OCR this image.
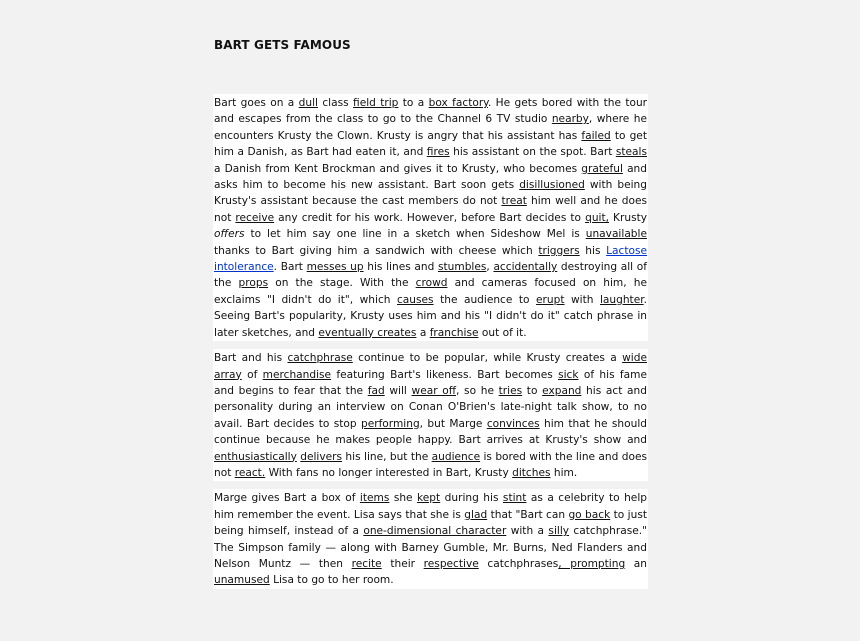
BART GETS FAMOUS

Bart goes on a dull class field trip to a box factory. He gets bored with the tour and escapes from the class to go to the Channel 6 TV studio nearby, where he encounters Krusty the Clown. Krusty is angry that his assistant has failed to get him a Danish, as Bart had eaten it, and fires his assistant on the spot. Bart steals a Danish from Kent Brockman and gives it to Krusty, who becomes grateful and asks him to become his new assistant. Bart soon gets disillusioned with being Krusty's assistant because the cast members do not treat him well and he does not receive any credit for his work. However, before Bart decides to quit, Krusty offers to let him say one line in a sketch when Sideshow Mel is unavailable thanks to Bart giving him a sandwich with cheese which triggers his Lactose intolerance. Bart messes up his lines and stumbles, accidentally destroying all of the props on the stage. With the crowd and cameras focused on him, he exclaims "I didn't do it", which causes the audience to erupt with laughter. Seeing Bart's popularity, Krusty uses him and his "I didn't do it" catch phrase in later sketches, and eventually creates a franchise out of it.

Bart and his catchphrase continue to be popular, while Krusty creates a wide array of merchandise featuring Bart's likeness. Bart becomes sick of his fame and begins to fear that the fad will wear off, so he tries to expand his act and personality during an interview on Conan O'Brien's late-night talk show, to no avail. Bart decides to stop performing, but Marge convinces him that he should continue because he makes people happy. Bart arrives at Krusty's show and enthusiastically delivers his line, but the audience is bored with the line and does not react. With fans no longer interested in Bart, Krusty ditches him.

Marge gives Bart a box of items she kept during his stint as a celebrity to help him remember the event. Lisa says that she is glad that "Bart can go back to just being himself, instead of a one-dimensional character with a silly catchphrase." The Simpson family — along with Barney Gumble, Mr. Burns, Ned Flanders and Nelson Muntz — then recite their respective catchphrases, prompting an unamused Lisa to go to her room.
